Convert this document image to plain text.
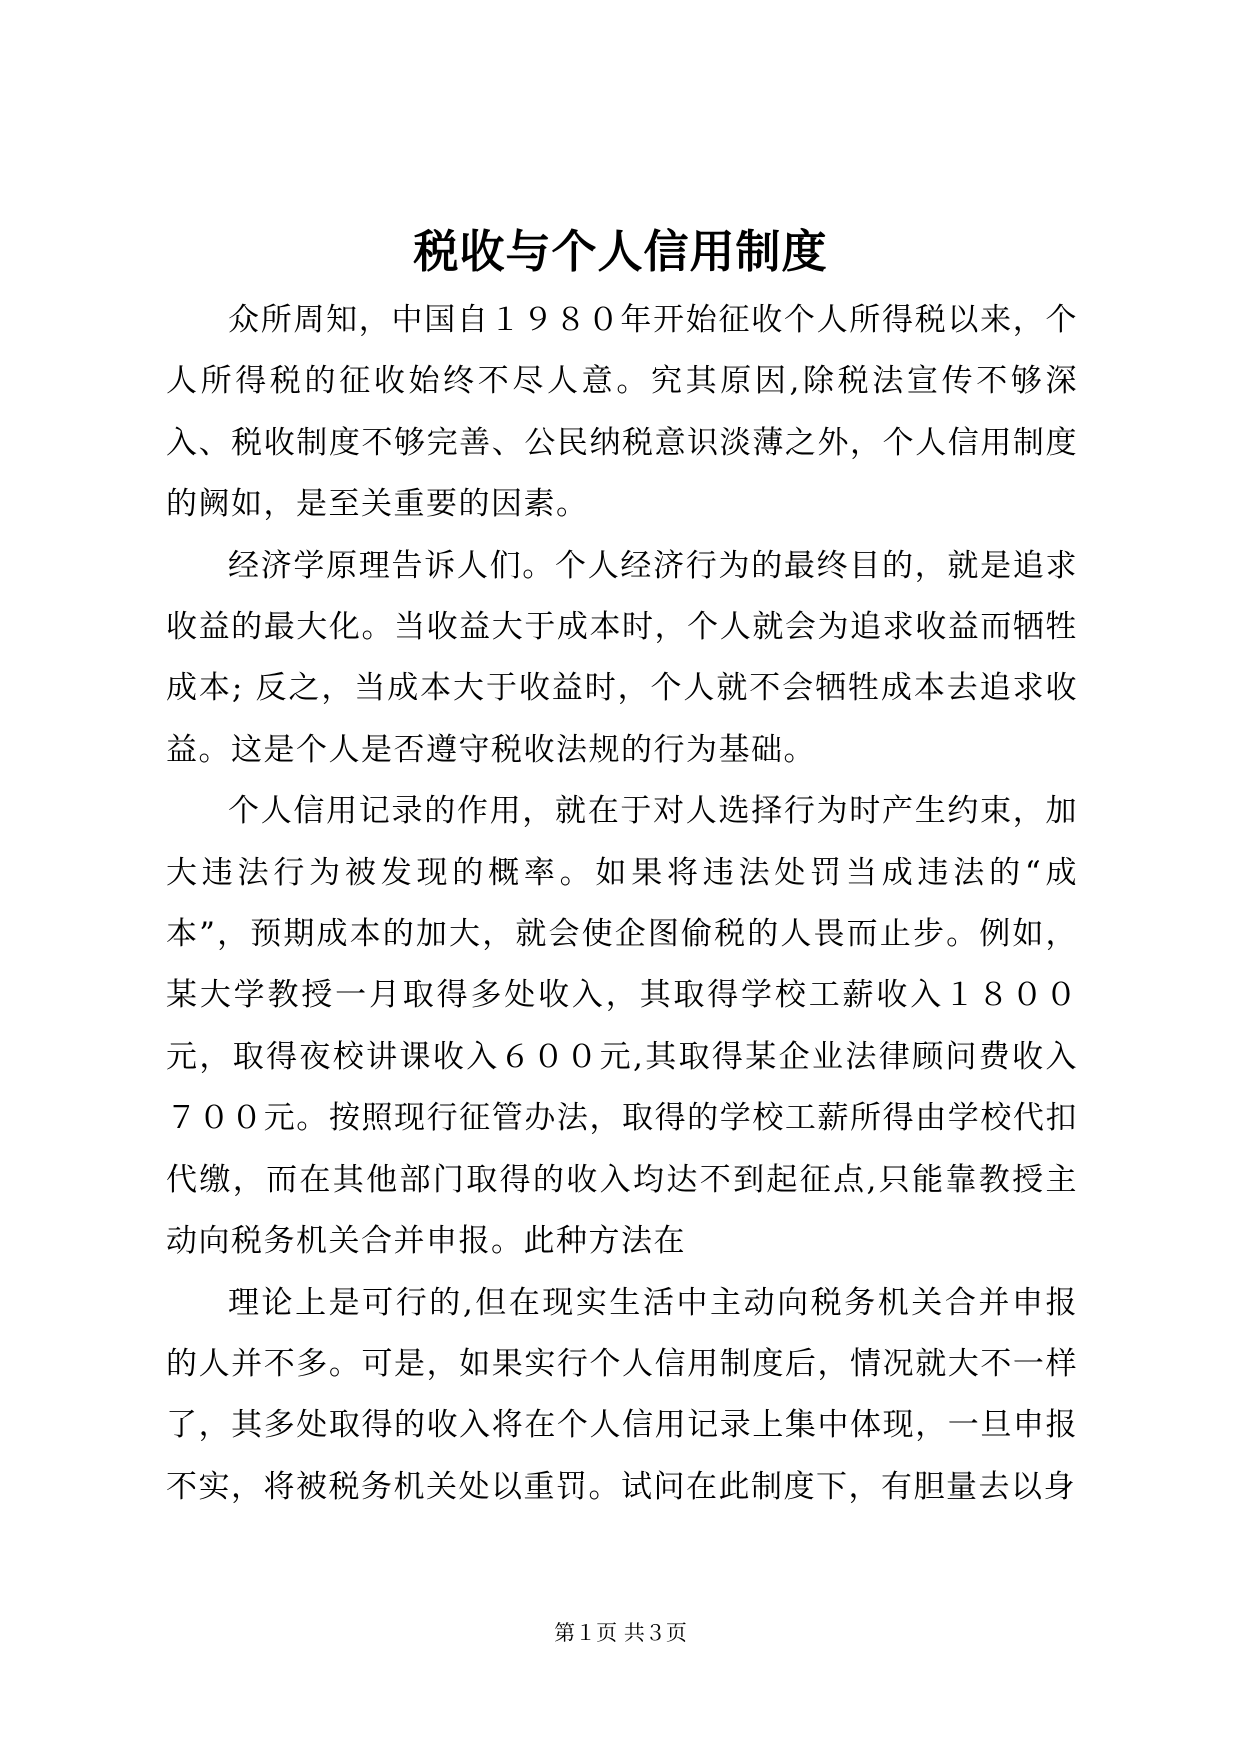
税收与个人信用制度

众所周知，中国自１９８０年开始征收个人所得税以来，个人所得税的征收始终不尽人意。究其原因,除税法宣传不够深入、税收制度不够完善、公民纳税意识淡薄之外，个人信用制度的阙如，是至关重要的因素。

经济学原理告诉人们。个人经济行为的最终目的，就是追求收益的最大化。当收益大于成本时，个人就会为追求收益而牺牲成本; 反之，当成本大于收益时，个人就不会牺牲成本去追求收益。这是个人是否遵守税收法规的行为基础。

个人信用记录的作用，就在于对人选择行为时产生约束，加大违法行为被发现的概率。如果将违法处罚当成违法的“成本”，预期成本的加大，就会使企图偷税的人畏而止步。例如，某大学教授一月取得多处收入，其取得学校工薪收入１８００元，取得夜校讲课收入６００元,其取得某企业法律顾问费收入７００元。按照现行征管办法，取得的学校工薪所得由学校代扣代缴，而在其他部门取得的收入均达不到起征点,只能靠教授主动向税务机关合并申报。此种方法在

理论上是可行的,但在现实生活中主动向税务机关合并申报的人并不多。可是，如果实行个人信用制度后，情况就大不一样了，其多处取得的收入将在个人信用记录上集中体现，一旦申报不实，将被税务机关处以重罚。试问在此制度下，有胆量去以身

第１页 共３页
